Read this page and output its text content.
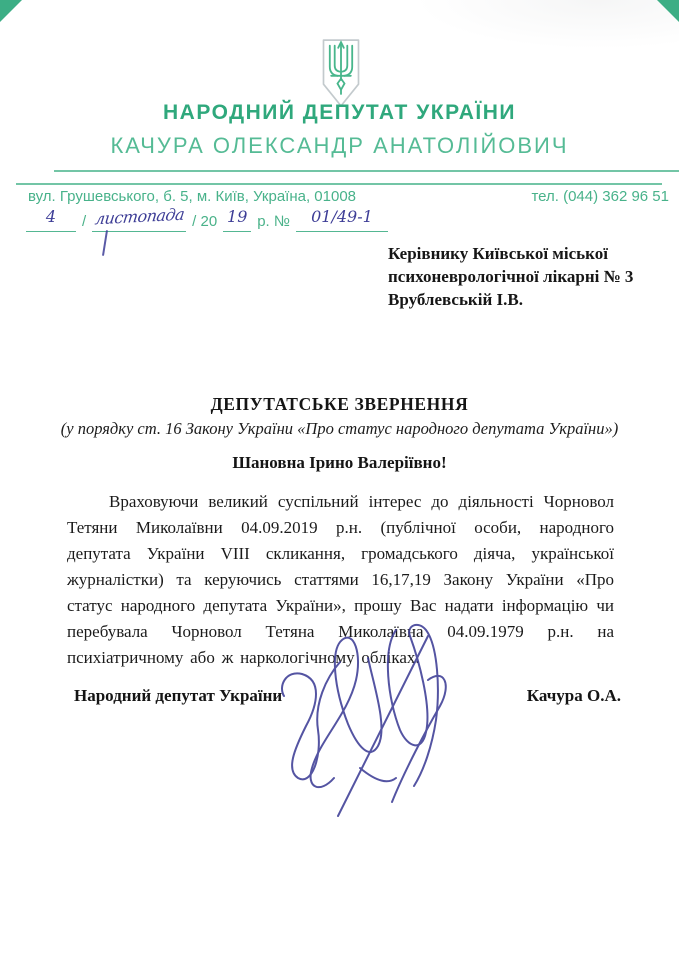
НАРОДНИЙ ДЕПУТАТ УКРАЇНИ
КАЧУРА ОЛЕКСАНДР АНАТОЛІЙОВИЧ
вул. Грушевського, б. 5, м. Київ, Україна, 01008	тел. (044) 362 96 51
4	/ листопада / 20 19 р. №	01/49-1
Керівнику Київської міської
психоневрологічної лікарні № 3
Врублевській І.В.
ДЕПУТАТСЬКЕ ЗВЕРНЕННЯ
(у порядку ст. 16 Закону України «Про статус народного депутата України»)
Шановна Ірино Валеріївно!
Враховуючи великий суспільний інтерес до діяльності Чорновол Тетяни Миколаївни 04.09.2019 р.н. (публічної особи, народного депутата України VIII скликання, громадського діяча, української журналістки) та керуючись статтями 16,17,19 Закону України «Про статус народного депутата України», прошу Вас надати інформацію чи перебувала Чорновол Тетяна Миколаївна 04.09.1979 р.н. на психіатричному або ж наркологічному обліках.
Народний депутат України	Качура О.А.
